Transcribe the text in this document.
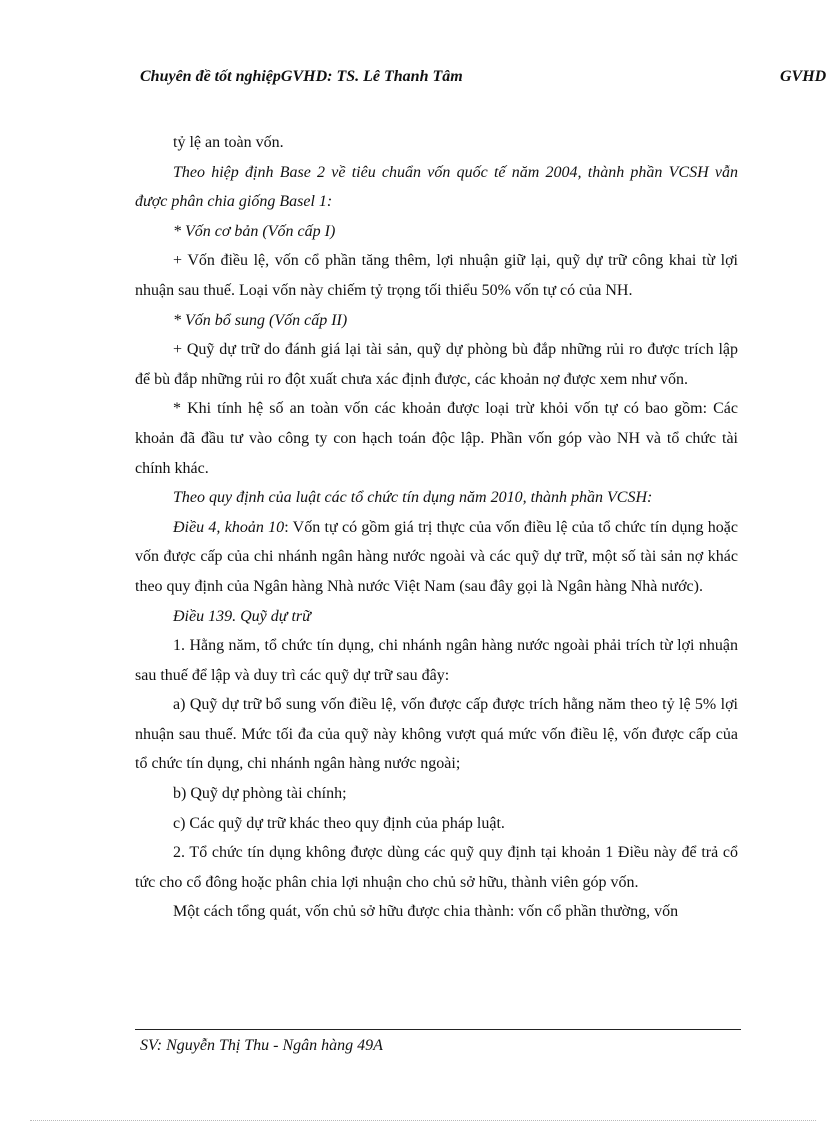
Chuyên đề tốt nghiệpGVHD: TS. Lê Thanh Tâm	GVHD

tỷ lệ an toàn vốn.

Theo hiệp định Base 2 về tiêu chuẩn vốn quốc tế năm 2004, thành phần VCSH vẫn được phân chia giống Basel 1:

* Vốn cơ bản (Vốn cấp I)

+ Vốn điều lệ, vốn cổ phần tăng thêm, lợi nhuận giữ lại, quỹ dự trữ công khai từ lợi nhuận sau thuế. Loại vốn này chiếm tỷ trọng tối thiểu 50% vốn tự có của NH.

* Vốn bổ sung (Vốn cấp II)

+ Quỹ dự trữ do đánh giá lại tài sản, quỹ dự phòng bù đắp những rủi ro được trích lập để bù đắp những rủi ro đột xuất chưa xác định được, các khoản nợ được xem như vốn.

* Khi tính hệ số an toàn vốn các khoản được loại trừ khỏi vốn tự có bao gồm: Các khoản đã đầu tư vào công ty con hạch toán độc lập. Phần vốn góp vào NH và tổ chức tài chính khác.

Theo quy định của luật các tổ chức tín dụng năm 2010, thành phần VCSH:

Điều 4, khoản 10: Vốn tự có gồm giá trị thực của vốn điều lệ của tổ chức tín dụng hoặc vốn được cấp của chi nhánh ngân hàng nước ngoài và các quỹ dự trữ, một số tài sản nợ khác theo quy định của Ngân hàng Nhà nước Việt Nam (sau đây gọi là Ngân hàng Nhà nước).

Điều 139. Quỹ dự trữ

1. Hằng năm, tổ chức tín dụng, chi nhánh ngân hàng nước ngoài phải trích từ lợi nhuận sau thuế để lập và duy trì các quỹ dự trữ sau đây:

a) Quỹ dự trữ bổ sung vốn điều lệ, vốn được cấp được trích hằng năm theo tỷ lệ 5% lợi nhuận sau thuế. Mức tối đa của quỹ này không vượt quá mức vốn điều lệ, vốn được cấp của tổ chức tín dụng, chi nhánh ngân hàng nước ngoài;

b) Quỹ dự phòng tài chính;

c) Các quỹ dự trữ khác theo quy định của pháp luật.

2. Tổ chức tín dụng không được dùng các quỹ quy định tại khoản 1 Điều này để trả cổ tức cho cổ đông hoặc phân chia lợi nhuận cho chủ sở hữu, thành viên góp vốn.

Một cách tổng quát, vốn chủ sở hữu được chia thành: vốn cổ phần thường, vốn

SV: Nguyễn Thị Thu - Ngân hàng 49A
